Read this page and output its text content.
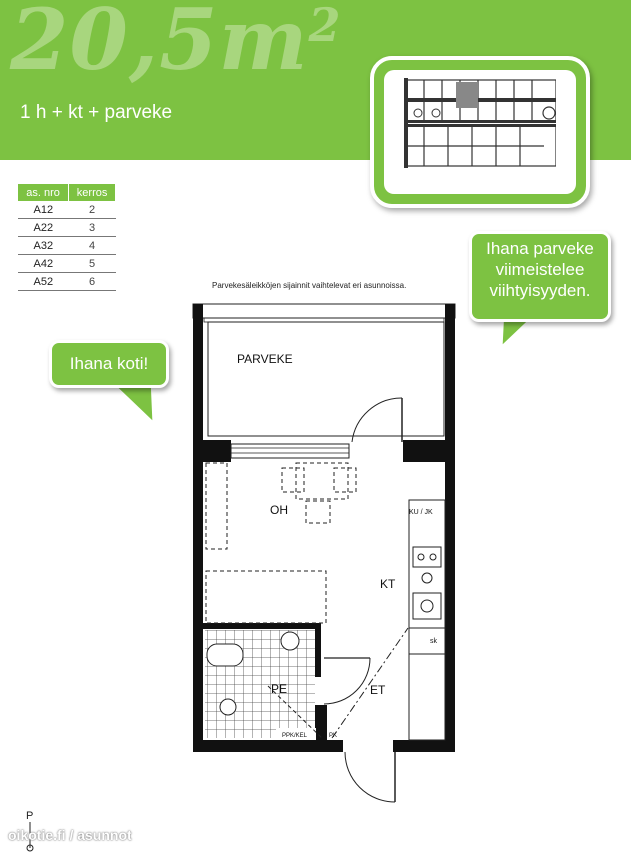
$20,5m^2$
1 h + kt + parveke
as. nro	kerros
A12	2
A22	3
A32	4
A42	5
A52	6	Parvekesäleikköjen sijainnit vaihtelevat eri asunnoissa.
Ihana parveke
viimeistelee
viihtyisyyden.
Ihana koti!	PARVEKE
OH
KT
PE	ET
KU / JK
sk
PPK/KEL	PK
P
oikotie.fi / asunnot
